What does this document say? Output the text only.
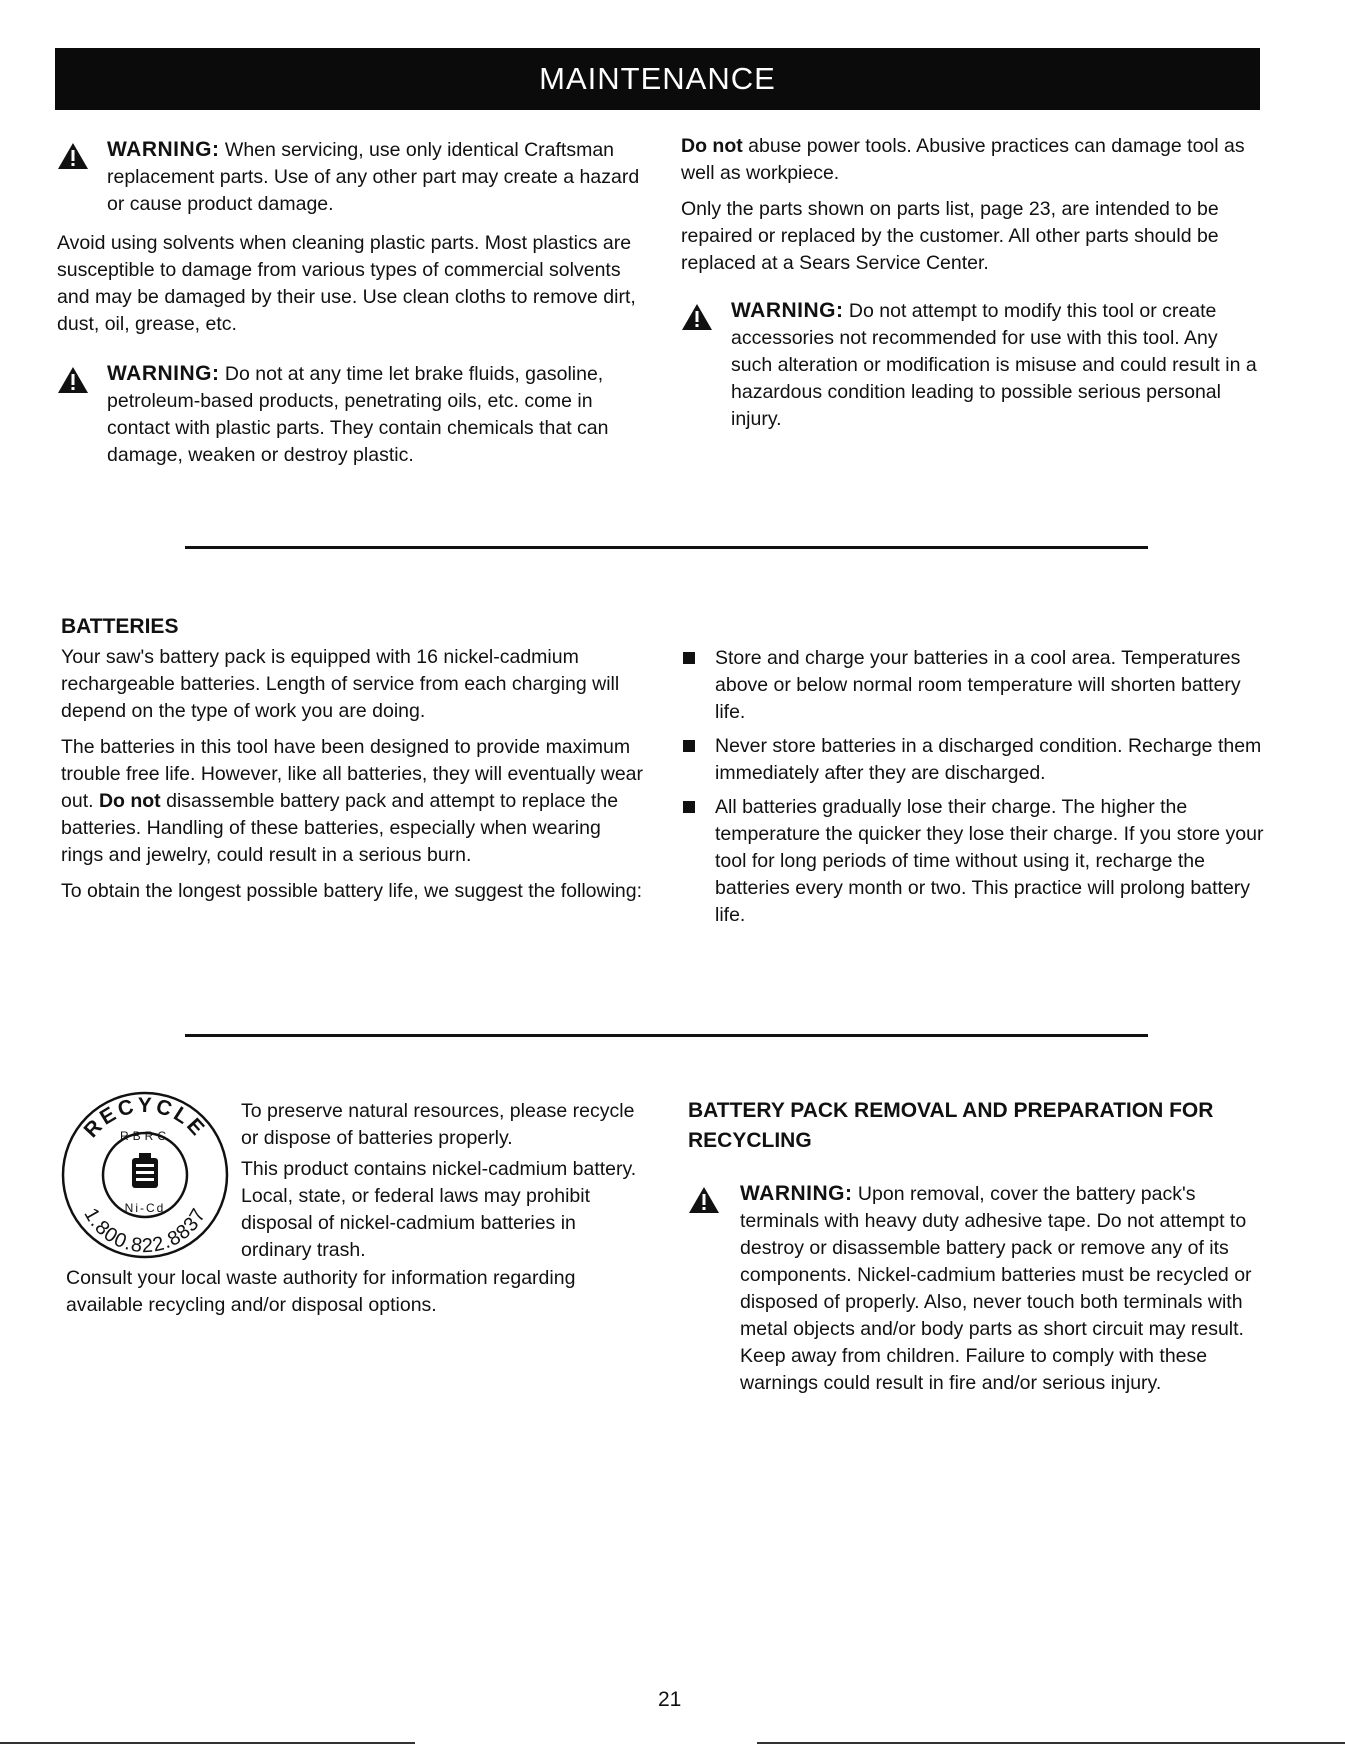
MAINTENANCE
WARNING: When servicing, use only identical Craftsman replacement parts. Use of any other part may create a hazard or cause product damage.

Avoid using solvents when cleaning plastic parts. Most plastics are susceptible to damage from various types of commercial solvents and may be damaged by their use. Use clean cloths to remove dirt, dust, oil, grease, etc.

WARNING: Do not at any time let brake fluids, gasoline, petroleum-based products, penetrating oils, etc. come in contact with plastic parts. They contain chemicals that can damage, weaken or destroy plastic.

Do not abuse power tools. Abusive practices can damage tool as well as workpiece.

Only the parts shown on parts list, page 23, are intended to be repaired or replaced by the customer. All other parts should be replaced at a Sears Service Center.

WARNING: Do not attempt to modify this tool or create accessories not recommended for use with this tool. Any such alteration or modification is misuse and could result in a hazardous condition leading to possible serious personal injury.
BATTERIES

Your saw's battery pack is equipped with 16 nickel-cadmium rechargeable batteries. Length of service from each charging will depend on the type of work you are doing.

The batteries in this tool have been designed to provide maximum trouble free life. However, like all batteries, they will eventually wear out. Do not disassemble battery pack and attempt to replace the batteries. Handling of these batteries, especially when wearing rings and jewelry, could result in a serious burn.

To obtain the longest possible battery life, we suggest the following:

Store and charge your batteries in a cool area. Temperatures above or below normal room temperature will shorten battery life.
Never store batteries in a discharged condition. Recharge them immediately after they are discharged.
All batteries gradually lose their charge. The higher the temperature the quicker they lose their charge. If you store your tool for long periods of time without using it, recharge the batteries every month or two. This practice will prolong battery life.
RECYCLE
RBRC
Ni-Cd
1.800.822.8837

To preserve natural resources, please recycle or dispose of batteries properly.

This product contains nickel-cadmium battery. Local, state, or federal laws may prohibit disposal of nickel-cadmium batteries in ordinary trash.

Consult your local waste authority for information regarding available recycling and/or disposal options.
BATTERY PACK REMOVAL AND PREPARATION FOR RECYCLING
WARNING: Upon removal, cover the battery pack's terminals with heavy duty adhesive tape. Do not attempt to destroy or disassemble battery pack or remove any of its components. Nickel-cadmium batteries must be recycled or disposed of properly. Also, never touch both terminals with metal objects and/or body parts as short circuit may result. Keep away from children. Failure to comply with these warnings could result in fire and/or serious injury.
21
